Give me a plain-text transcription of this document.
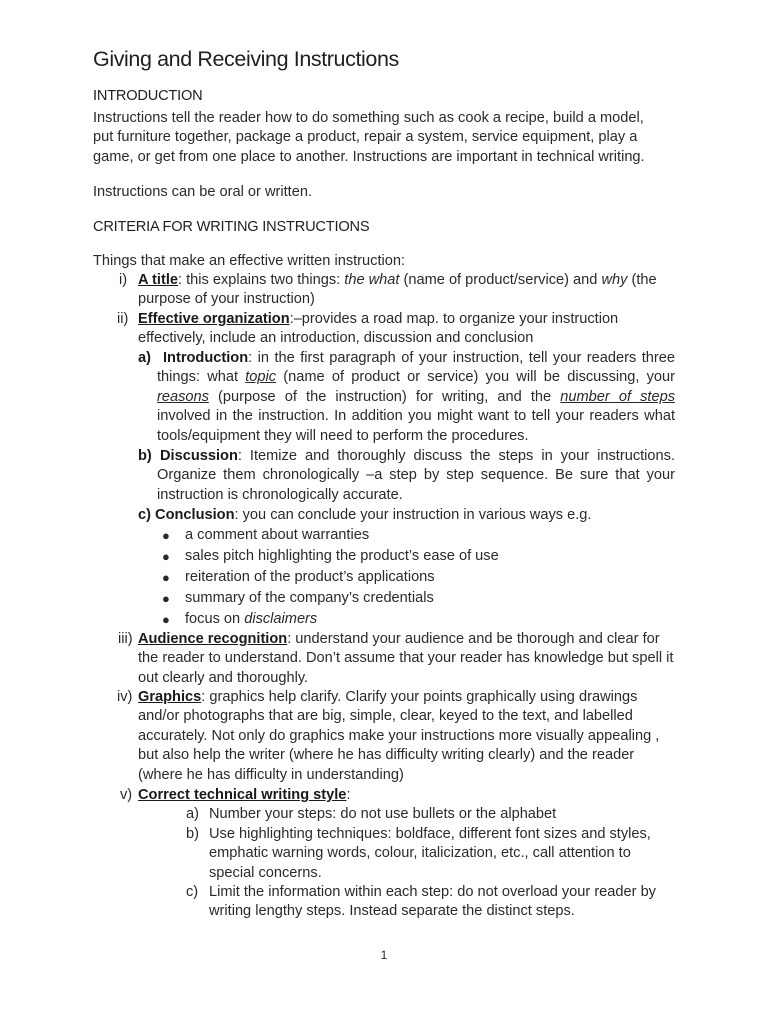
Giving and Receiving Instructions
INTRODUCTION
Instructions tell the reader how to do something such as cook a recipe, build a model, put furniture together, package a product, repair a system, service equipment, play a game, or get from one place to another. Instructions are important in technical writing.
Instructions can be oral or written.
CRITERIA FOR WRITING INSTRUCTIONS
Things that make an effective written instruction:
i) A title: this explains two things: the what (name of product/service) and why (the purpose of your instruction)
ii) Effective organization:–provides a road map. to organize your instruction effectively, include an introduction, discussion and conclusion
a) Introduction: in the first paragraph of your instruction, tell your readers three things: what topic (name of product or service) you will be discussing, your reasons (purpose of the instruction) for writing, and the number of steps involved in the instruction. In addition you might want to tell your readers what tools/equipment they will need to perform the procedures.
b) Discussion: Itemize and thoroughly discuss the steps in your instructions. Organize them chronologically –a step by step sequence. Be sure that your instruction is chronologically accurate.
c) Conclusion: you can conclude your instruction in various ways e.g.
● a comment about warranties
● sales pitch highlighting the product’s ease of use
● reiteration of the product’s applications
● summary of the company’s credentials
● focus on disclaimers
iii) Audience recognition: understand your audience and be thorough and clear for the reader to understand. Don’t assume that your reader has knowledge but spell it out clearly and thoroughly.
iv) Graphics: graphics help clarify. Clarify your points graphically using drawings and/or photographs that are big, simple, clear, keyed to the text, and labelled accurately. Not only do graphics make your instructions more visually appealing , but also help the writer (where he has difficulty writing clearly) and the reader (where he has difficulty in understanding)
v) Correct technical writing style:
a) Number your steps: do not use bullets or the alphabet
b) Use highlighting techniques: boldface, different font sizes and styles, emphatic warning words, colour, italicization, etc., call attention to special concerns.
c) Limit the information within each step: do not overload your reader by writing lengthy steps. Instead separate the distinct steps.
1
